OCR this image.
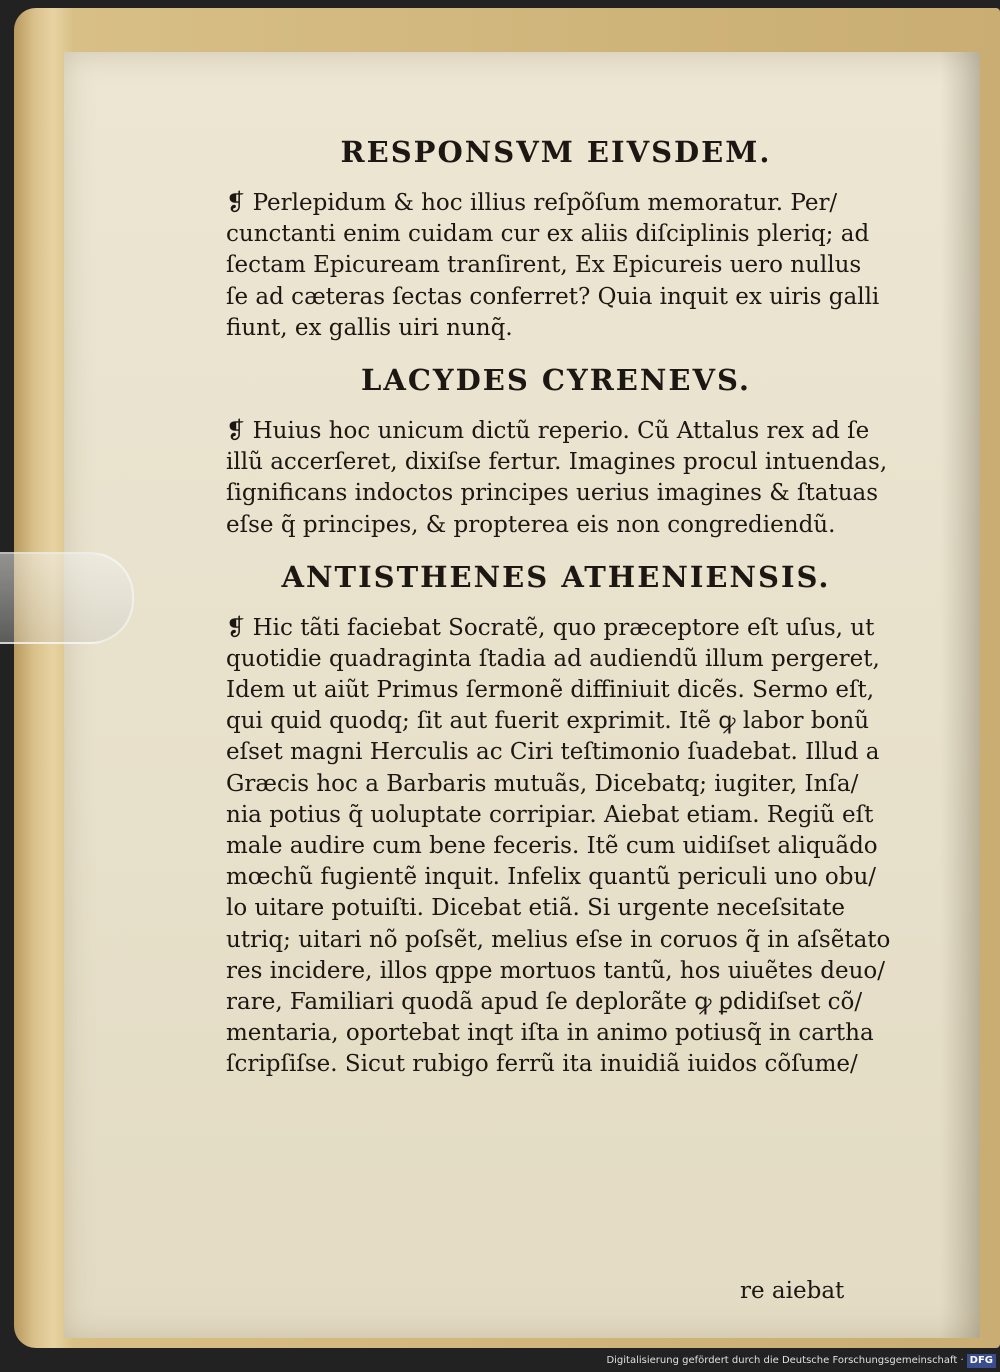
RESPONSVM EIVSDEM.

❡ Perlepidum & hoc illius reſpõſum memoratur. Per/
cunctanti enim cuidam cur ex aliis diſciplinis pleriq; ad
ſectam Epicuream tranſirent, Ex Epicureis uero nullus
ſe ad cæteras ſectas conferret? Quia inquit ex uiris galli
fiunt, ex gallis uiri nunq̃.

LACYDES CYRENEVS.

❡ Huius hoc unicum dictũ reperio. Cũ Attalus rex ad ſe
illũ accerſeret, dixiſse fertur. Imagines procul intuendas,
ſignificans indoctos principes uerius imagines & ſtatuas
eſse q̃ principes, & propterea eis non congrediendũ.

ANTISTHENES ATHENIENSIS.

❡ Hic tãti faciebat Socratẽ, quo præceptore eſt uſus, ut
quotidie quadraginta ſtadia ad audiendũ illum pergeret,
Idem ut aiũt Primus ſermonẽ diffiniuit dicẽs. Sermo eſt,
qui quid quodq; ſit aut fuerit exprimit. Itẽ ꝙ labor bonũ
eſset magni Herculis ac Ciri teſtimonio ſuadebat. Illud a
Græcis hoc a Barbaris mutuãs, Dicebatq; iugiter, Inſa/
nia potius q̃ uoluptate corripiar. Aiebat etiam. Regiũ eſt
male audire cum bene feceris. Itẽ cum uidiſset aliquãdo
mœchũ fugientẽ inquit. Infelix quantũ periculi uno obu/
lo uitare potuiſti. Dicebat etiã. Si urgente neceſsitate
utriq; uitari nõ poſsẽt, melius eſse in coruos q̃ in aſsẽtato
res incidere, illos qppe mortuos tantũ, hos uiuẽtes deuo/
rare, Familiari quodã apud ſe deplorãte ꝙ ꝑdidiſset cõ/
mentaria, oportebat inqt iſta in animo potiusq̃ in cartha
ſcripſiſse. Sicut rubigo ferrũ ita inuidiã iuidos cõſume/

re aiebat
Digitalisierung gefördert durch die Deutsche Forschungsgemeinschaft · DFG
